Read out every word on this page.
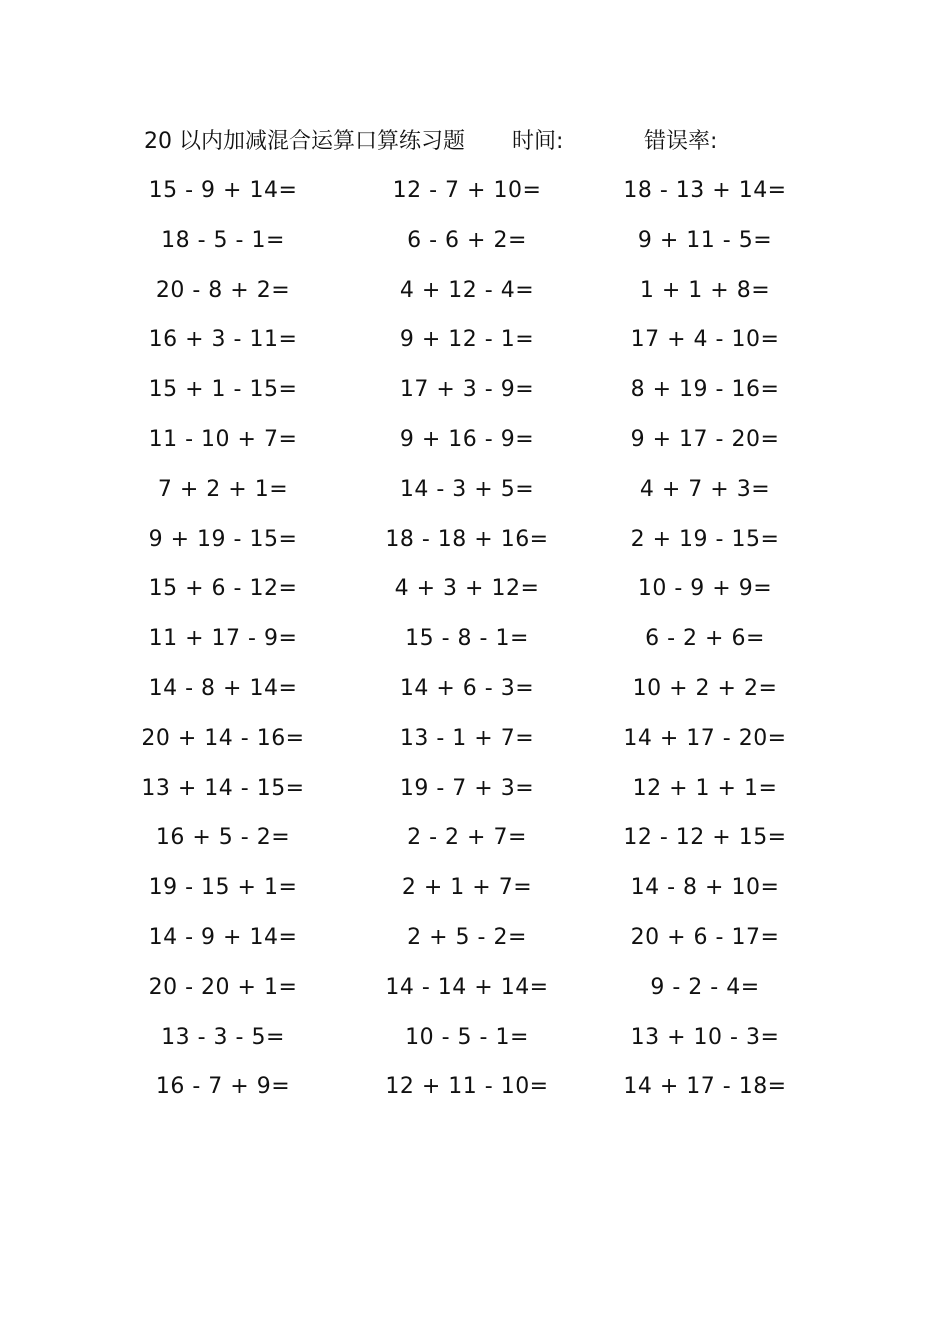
20 以内加减混合运算口算练习题 时间:	错误率:
15 - 9 + 14=	12 - 7 + 10=	18 - 13 + 14=
18 - 5 - 1=	6 - 6 + 2=	9 + 11 - 5=
20 - 8 + 2=	4 + 12 - 4=	1 + 1 + 8=
16 + 3 - 11=	9 + 12 - 1=	17 + 4 - 10=
15 + 1 - 15=	17 + 3 - 9=	8 + 19 - 16=
11 - 10 + 7=	9 + 16 - 9=	9 + 17 - 20=
7 + 2 + 1=	14 - 3 + 5=	4 + 7 + 3=
9 + 19 - 15=	18 - 18 + 16=	2 + 19 - 15=
15 + 6 - 12=	4 + 3 + 12=	10 - 9 + 9=
11 + 17 - 9=	15 - 8 - 1=	6 - 2 + 6=
14 - 8 + 14=	14 + 6 - 3=	10 + 2 + 2=
20 + 14 - 16=	13 - 1 + 7=	14 + 17 - 20=
13 + 14 - 15=	19 - 7 + 3=	12 + 1 + 1=
16 + 5 - 2=	2 - 2 + 7=	12 - 12 + 15=
19 - 15 + 1=	2 + 1 + 7=	14 - 8 + 10=
14 - 9 + 14=	2 + 5 - 2=	20 + 6 - 17=
20 - 20 + 1=	14 - 14 + 14=	9 - 2 - 4=
13 - 3 - 5=	10 - 5 - 1=	13 + 10 - 3=
16 - 7 + 9=	12 + 11 - 10=	14 + 17 - 18=
